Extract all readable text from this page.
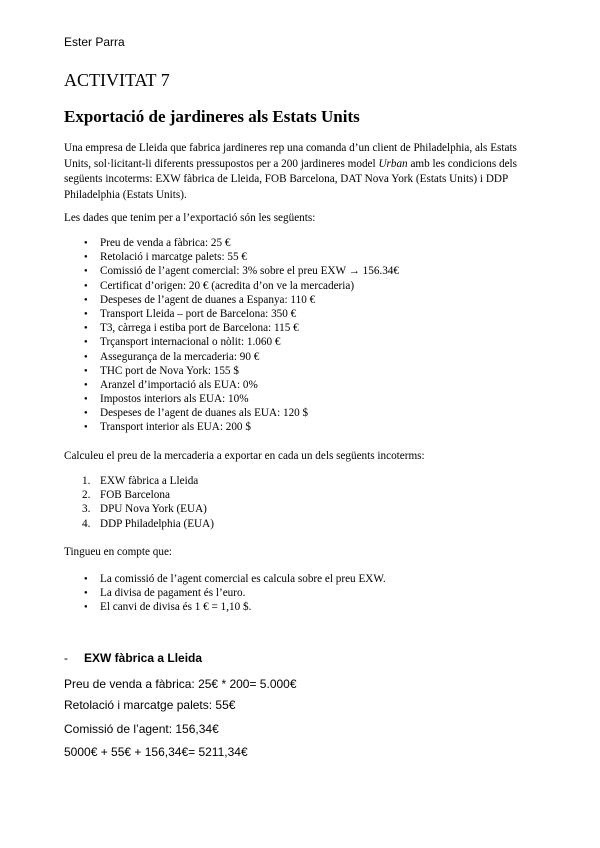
Ester Parra
ACTIVITAT 7
Exportació de jardineres als Estats Units

Una empresa de Lleida que fabrica jardineres rep una comanda d’un client de Philadelphia, als Estats Units, sol·licitant-li diferents pressupostos per a 200 jardineres model Urban amb les condicions dels següents incoterms: EXW fàbrica de Lleida, FOB Barcelona, DAT Nova York (Estats Units) i DDP Philadelphia (Estats Units).

Les dades que tenim per a l’exportació són les següents:

● Preu de venda a fàbrica: 25 €
● Retolació i marcatge palets: 55 €
● Comissió de l’agent comercial: 3% sobre el preu EXW → 156.34€
● Certificat d’origen: 20 € (acredita d’on ve la mercaderia)
● Despeses de l’agent de duanes a Espanya: 110 €
● Transport Lleida – port de Barcelona: 350 €
● T3, càrrega i estiba port de Barcelona: 115 €
● Trçansport internacional o nòlit: 1.060 €
● Assegurança de la mercaderia: 90 €
● THC port de Nova York: 155 $
● Aranzel d’importació als EUA: 0%
● Impostos interiors als EUA: 10%
● Despeses de l’agent de duanes als EUA: 120 $
● Transport interior als EUA: 200 $

Calculeu el preu de la mercaderia a exportar en cada un dels següents incoterms:

1. EXW fàbrica a Lleida
2. FOB Barcelona
3. DPU Nova York (EUA)
4. DDP Philadelphia (EUA)

Tingueu en compte que:

● La comissió de l’agent comercial es calcula sobre el preu EXW.
● La divisa de pagament és l’euro.
● El canvi de divisa és 1 € = 1,10 $.
- EXW fàbrica a Lleida
Preu de venda a fàbrica: 25€ * 200= 5.000€
Retolació i marcatge palets: 55€
Comissió de l’agent: 156,34€
5000€ + 55€ + 156,34€= 5211,34€
